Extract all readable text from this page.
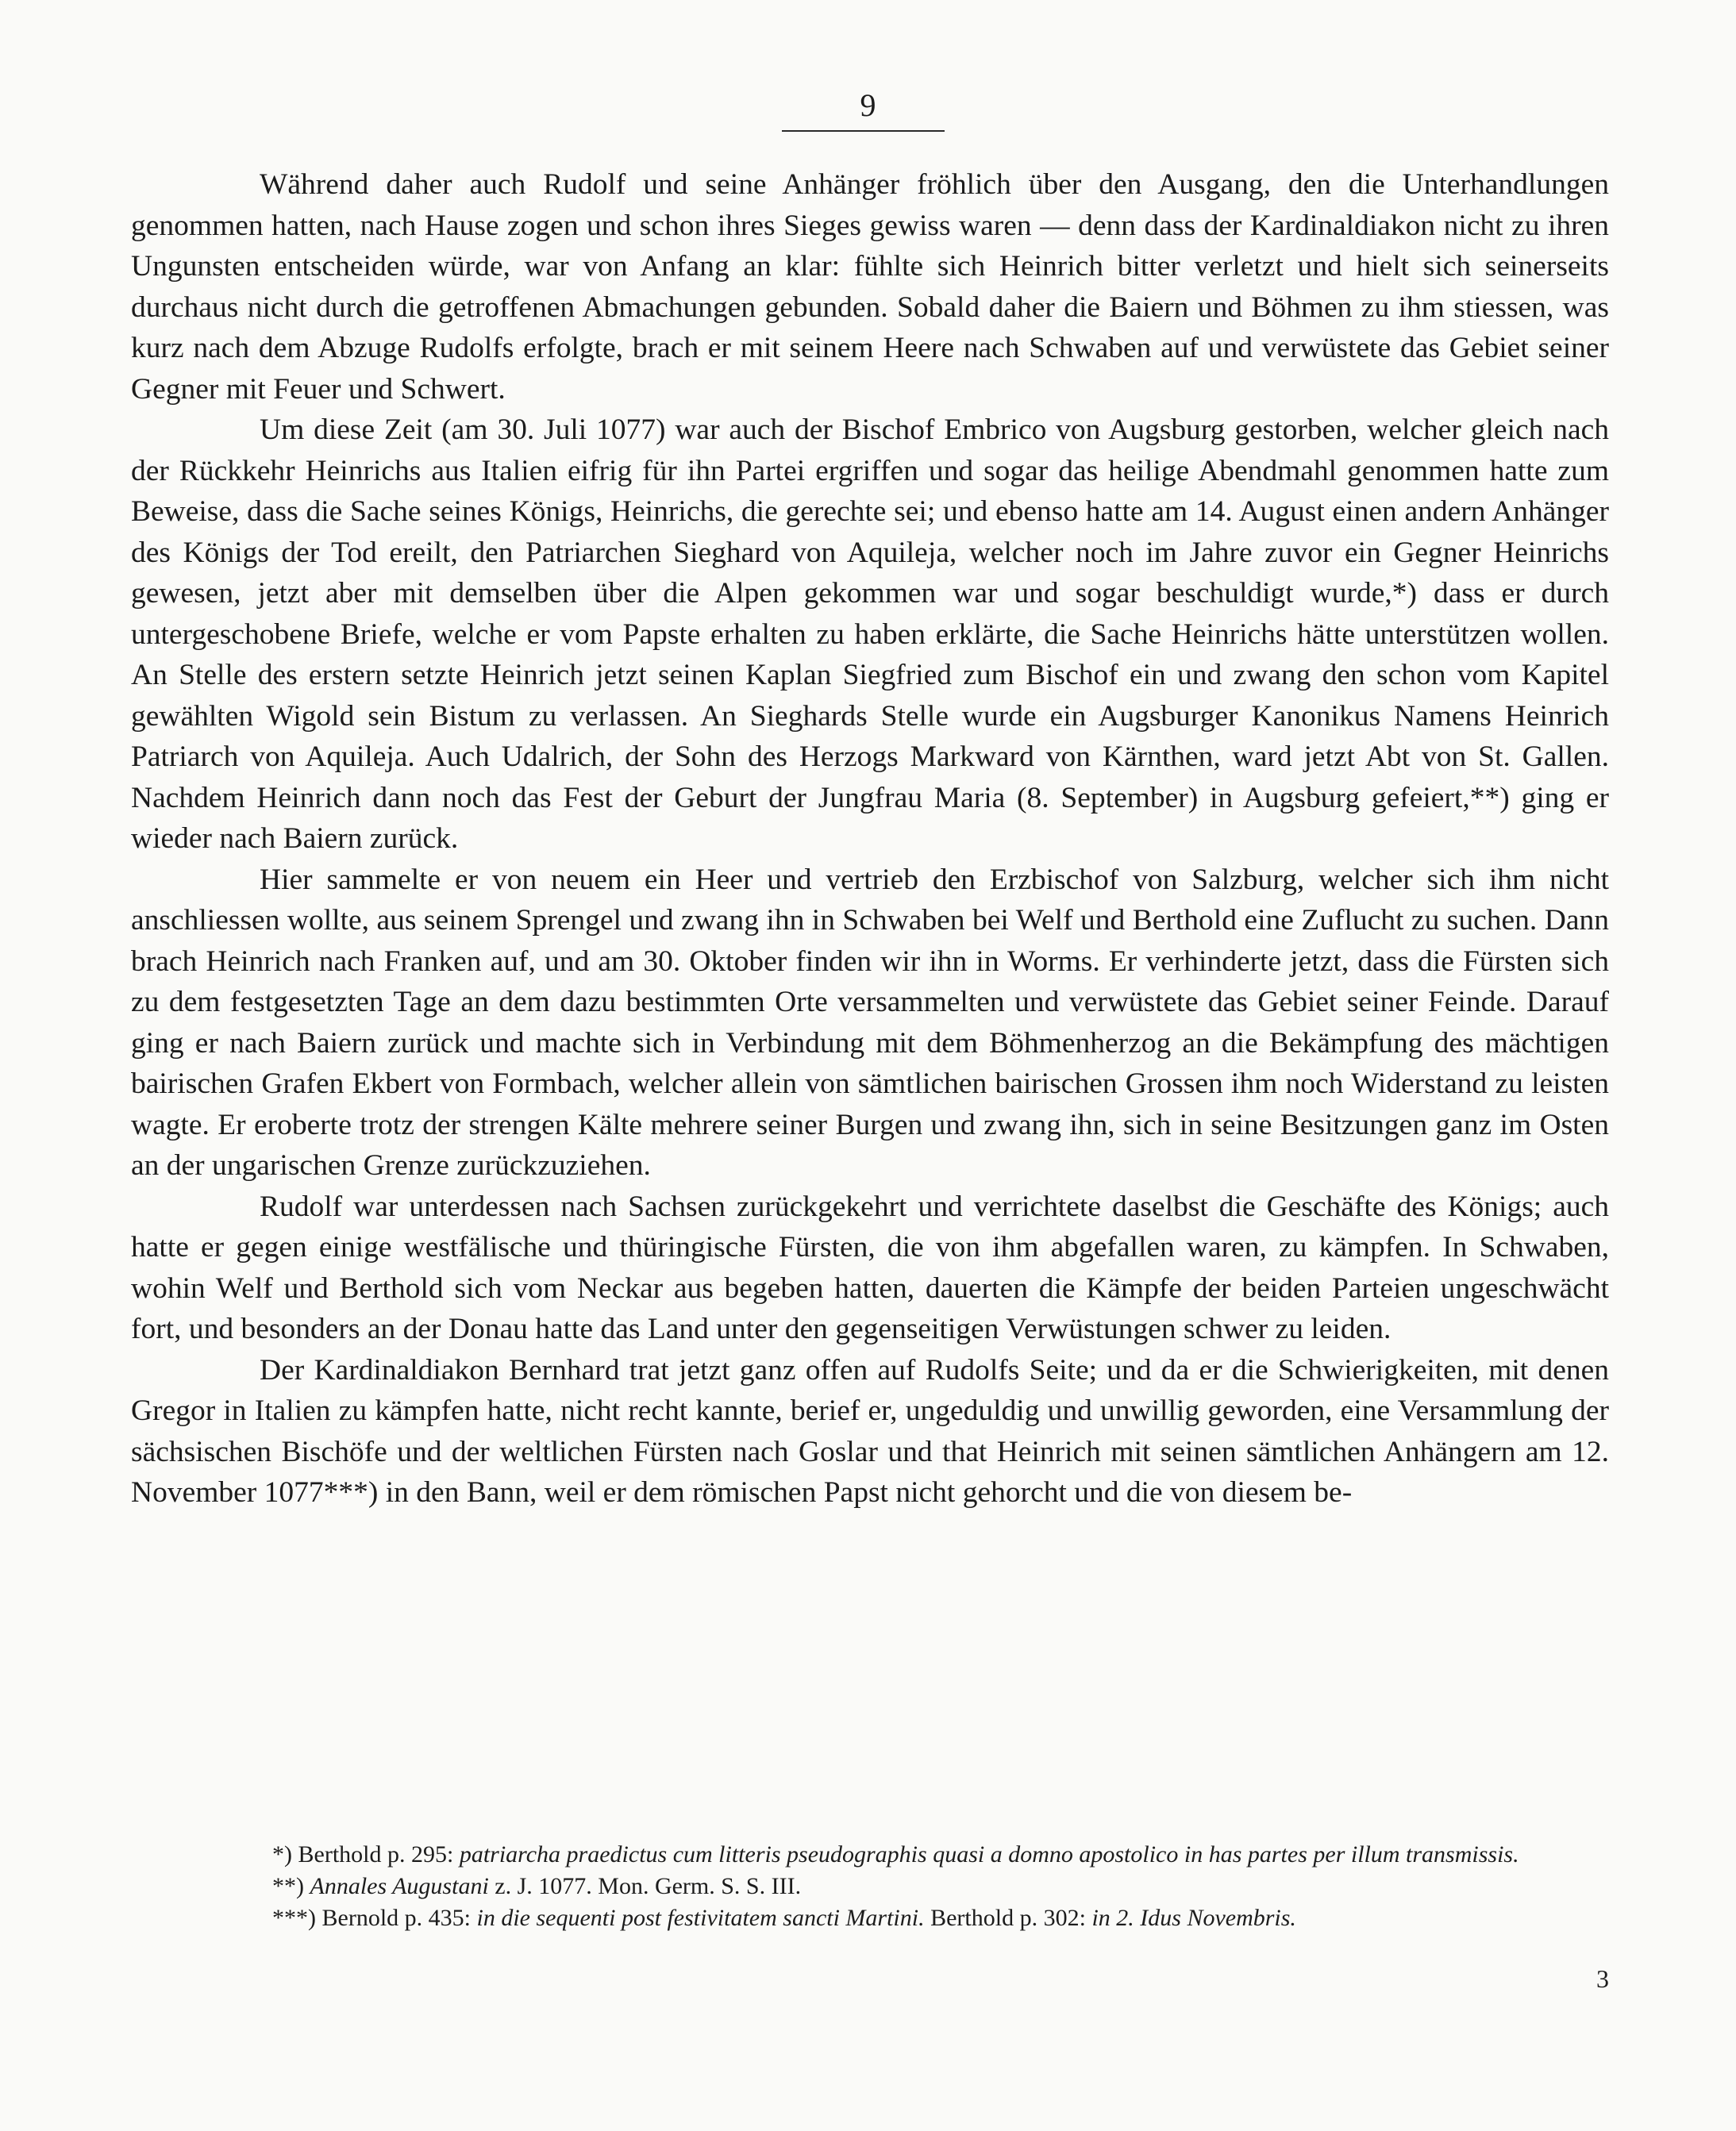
9

Während daher auch Rudolf und seine Anhänger fröhlich über den Ausgang, den die Unterhandlungen genommen hatten, nach Hause zogen und schon ihres Sieges gewiss waren — denn dass der Kardinaldiakon nicht zu ihren Ungunsten entscheiden würde, war von Anfang an klar: fühlte sich Heinrich bitter verletzt und hielt sich seinerseits durchaus nicht durch die getroffenen Abmachungen gebunden. Sobald daher die Baiern und Böhmen zu ihm stiessen, was kurz nach dem Abzuge Rudolfs erfolgte, brach er mit seinem Heere nach Schwaben auf und verwüstete das Gebiet seiner Gegner mit Feuer und Schwert.

Um diese Zeit (am 30. Juli 1077) war auch der Bischof Embrico von Augsburg gestorben, welcher gleich nach der Rückkehr Heinrichs aus Italien eifrig für ihn Partei ergriffen und sogar das heilige Abendmahl genommen hatte zum Beweise, dass die Sache seines Königs, Heinrichs, die gerechte sei; und ebenso hatte am 14. August einen andern Anhänger des Königs der Tod ereilt, den Patriarchen Sieghard von Aquileja, welcher noch im Jahre zuvor ein Gegner Heinrichs gewesen, jetzt aber mit demselben über die Alpen gekommen war und sogar beschuldigt wurde,*) dass er durch untergeschobene Briefe, welche er vom Papste erhalten zu haben erklärte, die Sache Heinrichs hätte unterstützen wollen. An Stelle des erstern setzte Heinrich jetzt seinen Kaplan Siegfried zum Bischof ein und zwang den schon vom Kapitel gewählten Wigold sein Bistum zu verlassen. An Sieghards Stelle wurde ein Augsburger Kanonikus Namens Heinrich Patriarch von Aquileja. Auch Udalrich, der Sohn des Herzogs Markward von Kärnthen, ward jetzt Abt von St. Gallen. Nachdem Heinrich dann noch das Fest der Geburt der Jungfrau Maria (8. September) in Augsburg gefeiert,**) ging er wieder nach Baiern zurück.

Hier sammelte er von neuem ein Heer und vertrieb den Erzbischof von Salzburg, welcher sich ihm nicht anschliessen wollte, aus seinem Sprengel und zwang ihn in Schwaben bei Welf und Berthold eine Zuflucht zu suchen. Dann brach Heinrich nach Franken auf, und am 30. Oktober finden wir ihn in Worms. Er verhinderte jetzt, dass die Fürsten sich zu dem festgesetzten Tage an dem dazu bestimmten Orte versammelten und verwüstete das Gebiet seiner Feinde. Darauf ging er nach Baiern zurück und machte sich in Verbindung mit dem Böhmenherzog an die Bekämpfung des mächtigen bairischen Grafen Ekbert von Formbach, welcher allein von sämtlichen bairischen Grossen ihm noch Widerstand zu leisten wagte. Er eroberte trotz der strengen Kälte mehrere seiner Burgen und zwang ihn, sich in seine Besitzungen ganz im Osten an der ungarischen Grenze zurückzuziehen.

Rudolf war unterdessen nach Sachsen zurückgekehrt und verrichtete daselbst die Geschäfte des Königs; auch hatte er gegen einige westfälische und thüringische Fürsten, die von ihm abgefallen waren, zu kämpfen. In Schwaben, wohin Welf und Berthold sich vom Neckar aus begeben hatten, dauerten die Kämpfe der beiden Parteien ungeschwächt fort, und besonders an der Donau hatte das Land unter den gegenseitigen Verwüstungen schwer zu leiden.

Der Kardinaldiakon Bernhard trat jetzt ganz offen auf Rudolfs Seite; und da er die Schwierigkeiten, mit denen Gregor in Italien zu kämpfen hatte, nicht recht kannte, berief er, ungeduldig und unwillig geworden, eine Versammlung der sächsischen Bischöfe und der weltlichen Fürsten nach Goslar und that Heinrich mit seinen sämtlichen Anhängern am 12. November 1077***) in den Bann, weil er dem römischen Papst nicht gehorcht und die von diesem be-

*) Berthold p. 295: patriarcha praedictus cum litteris pseudographis quasi a domno apostolico in has partes per illum transmissis.

**) Annales Augustani z. J. 1077. Mon. Germ. S. S. III.

***) Bernold p. 435: in die sequenti post festivitatem sancti Martini. Berthold p. 302: in 2. Idus Novembris.

3
